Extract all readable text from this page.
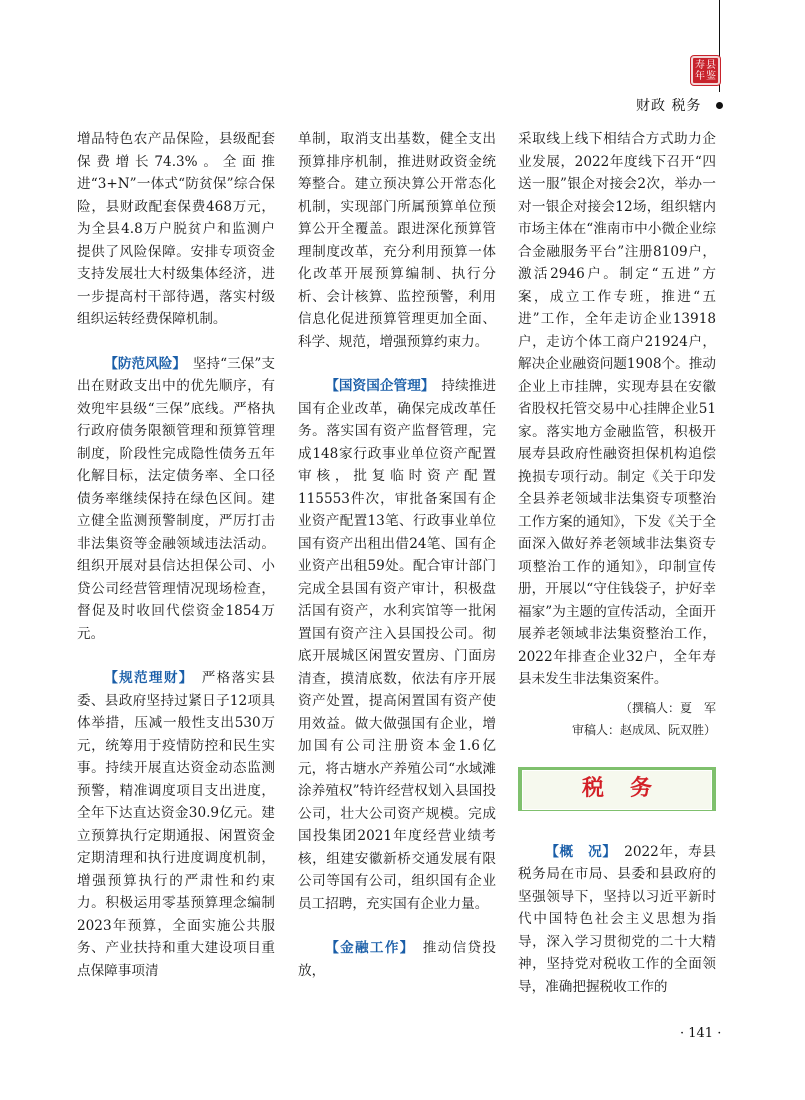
寿 县
年 鉴
财政 税务

增品特色农产品保险，县级配套保费增长74.3%。全面推进“3+N”一体式“防贫保”综合保险，县财政配套保费468万元，为全县4.8万户脱贫户和监测户提供了风险保障。安排专项资金支持发展壮大村级集体经济，进一步提高村干部待遇，落实村级组织运转经费保障机制。

【防范风险】　坚持“三保”支出在财政支出中的优先顺序，有效兜牢县级“三保”底线。严格执行政府债务限额管理和预算管理制度，阶段性完成隐性债务五年化解目标，法定债务率、全口径债务率继续保持在绿色区间。建立健全监测预警制度，严厉打击非法集资等金融领域违法活动。组织开展对县信达担保公司、小贷公司经营管理情况现场检查，督促及时收回代偿资金1854万元。

【规范理财】　严格落实县委、县政府坚持过紧日子12项具体举措，压减一般性支出530万元，统筹用于疫情防控和民生实事。持续开展直达资金动态监测预警，精准调度项目支出进度，全年下达直达资金30.9亿元。建立预算执行定期通报、闲置资金定期清理和执行进度调度机制，增强预算执行的严肃性和约束力。积极运用零基预算理念编制2023年预算，全面实施公共服务、产业扶持和重大建设项目重点保障事项清

单制，取消支出基数，健全支出预算排序机制，推进财政资金统筹整合。建立预决算公开常态化机制，实现部门所属预算单位预算公开全覆盖。跟进深化预算管理制度改革，充分利用预算一体化改革开展预算编制、执行分析、会计核算、监控预警，利用信息化促进预算管理更加全面、科学、规范，增强预算约束力。

【国资国企管理】　持续推进国有企业改革，确保完成改革任务。落实国有资产监督管理，完成148家行政事业单位资产配置审核，批复临时资产配置115553件次，审批备案国有企业资产配置13笔、行政事业单位国有资产出租出借24笔、国有企业资产出租59处。配合审计部门完成全县国有资产审计，积极盘活国有资产，水利宾馆等一批闲置国有资产注入县国投公司。彻底开展城区闲置安置房、门面房清查，摸清底数，依法有序开展资产处置，提高闲置国有资产使用效益。做大做强国有企业，增加国有公司注册资本金1.6亿元，将古塘水产养殖公司“水域滩涂养殖权”特许经营权划入县国投公司，壮大公司资产规模。完成国投集团2021年度经营业绩考核，组建安徽新桥交通发展有限公司等国有公司，组织国有企业员工招聘，充实国有企业力量。

【金融工作】　推动信贷投放，

采取线上线下相结合方式助力企业发展，2022年度线下召开“四送一服”银企对接会2次，举办一对一银企对接会12场，组织辖内市场主体在“淮南市中小微企业综合金融服务平台”注册8109户，激活2946户。制定“五进”方案，成立工作专班，推进“五进”工作，全年走访企业13918户，走访个体工商户21924户，解决企业融资问题1908个。推动企业上市挂牌，实现寿县在安徽省股权托管交易中心挂牌企业51家。落实地方金融监管，积极开展寿县政府性融资担保机构追偿挽损专项行动。制定《关于印发全县养老领域非法集资专项整治工作方案的通知》，下发《关于全面深入做好养老领域非法集资专项整治工作的通知》，印制宣传册，开展以“守住钱袋子，护好幸福家”为主题的宣传活动，全面开展养老领域非法集资整治工作，2022年排查企业32户，全年寿县未发生非法集资案件。

（撰稿人：夏　军
审稿人：赵成凤、阮双胜）
税务

【概　况】　2022年，寿县税务局在市局、县委和县政府的坚强领导下，坚持以习近平新时代中国特色社会主义思想为指导，深入学习贯彻党的二十大精神，坚持党对税收工作的全面领导，准确把握税收工作的

· 141 ·
